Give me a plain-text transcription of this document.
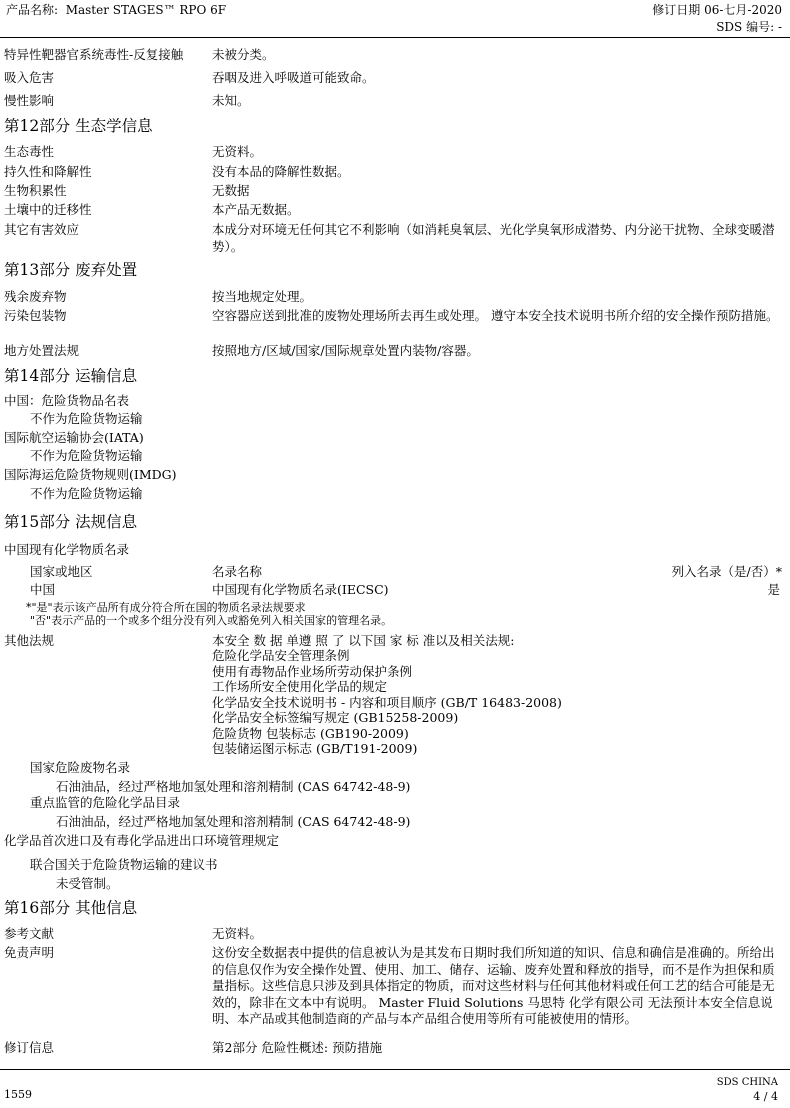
产品名称: Master STAGES™ RPO 6F	修订日期 06-七月-2020
SDS 编号: -
特异性靶器官系统毒性-反复接触 未被分类。
吸入危害	吞咽及进入呼吸道可能致命。
慢性影响	未知。
第12部分 生态学信息
生态毒性	无资料。
持久性和降解性	没有本品的降解性数据。
生物积累性	无数据
土壤中的迁移性	本产品无数据。
其它有害效应	本成分对环境无任何其它不利影响（如消耗臭氧层、光化学臭氧形成潜势、内分泌干扰物、全球变暖潜势）。
第13部分 废弃处置
残余废弃物	按当地规定处理。
污染包装物	空容器应送到批准的废物处理场所去再生或处理。 遵守本安全技术说明书所介绍的安全操作预防措施。
地方处置法规	按照地方/区域/国家/国际规章处置内装物/容器。
第14部分 运输信息
中国：危险货物品名表
不作为危险货物运输
国际航空运输协会(IATA)
不作为危险货物运输
国际海运危险货物规则(IMDG)
不作为危险货物运输
第15部分 法规信息
中国现有化学物质名录
国家或地区	名录名称	列入名录（是/否）*
中国	中国现有化学物质名录(IECSC)	是
*"是"表示该产品所有成分符合所在国的物质名录法规要求
"否"表示产品的一个或多个组分没有列入或豁免列入相关国家的管理名录。
其他法规	本安全 数 据 单遵 照 了 以下国 家 标 准以及相关法规:
危险化学品安全管理条例
使用有毒物品作业场所劳动保护条例
工作场所安全使用化学品的规定
化学品安全技术说明书 - 内容和项目顺序 (GB/T 16483-2008)
化学品安全标签编写规定 (GB15258-2009)
危险货物 包装标志 (GB190-2009)
包装储运图示标志 (GB/T191-2009)
国家危险废物名录
石油油品，经过严格地加氢处理和溶剂精制 (CAS 64742-48-9)
重点监管的危险化学品目录
石油油品，经过严格地加氢处理和溶剂精制 (CAS 64742-48-9)
化学品首次进口及有毒化学品进出口环境管理规定
联合国关于危险货物运输的建议书
未受管制。
第16部分 其他信息
参考文献	无资料。
免责声明	这份安全数据表中提供的信息被认为是其发布日期时我们所知道的知识、信息和确信是准确的。所给出的信息仅作为安全操作处置、使用、加工、储存、运输、废弃处置和释放的指导，而不是作为担保和质量指标。这些信息只涉及到具体指定的物质，而对这些材料与任何其他材料或任何工艺的结合可能是无效的，除非在文本中有说明。 Master Fluid Solutions 马思特 化学有限公司 无法预计本安全信息说明、本产品或其他制造商的产品与本产品组合使用等所有可能被使用的情形。
修订信息	第2部分 危险性概述: 预防措施
1559
SDS CHINA
4 / 4
